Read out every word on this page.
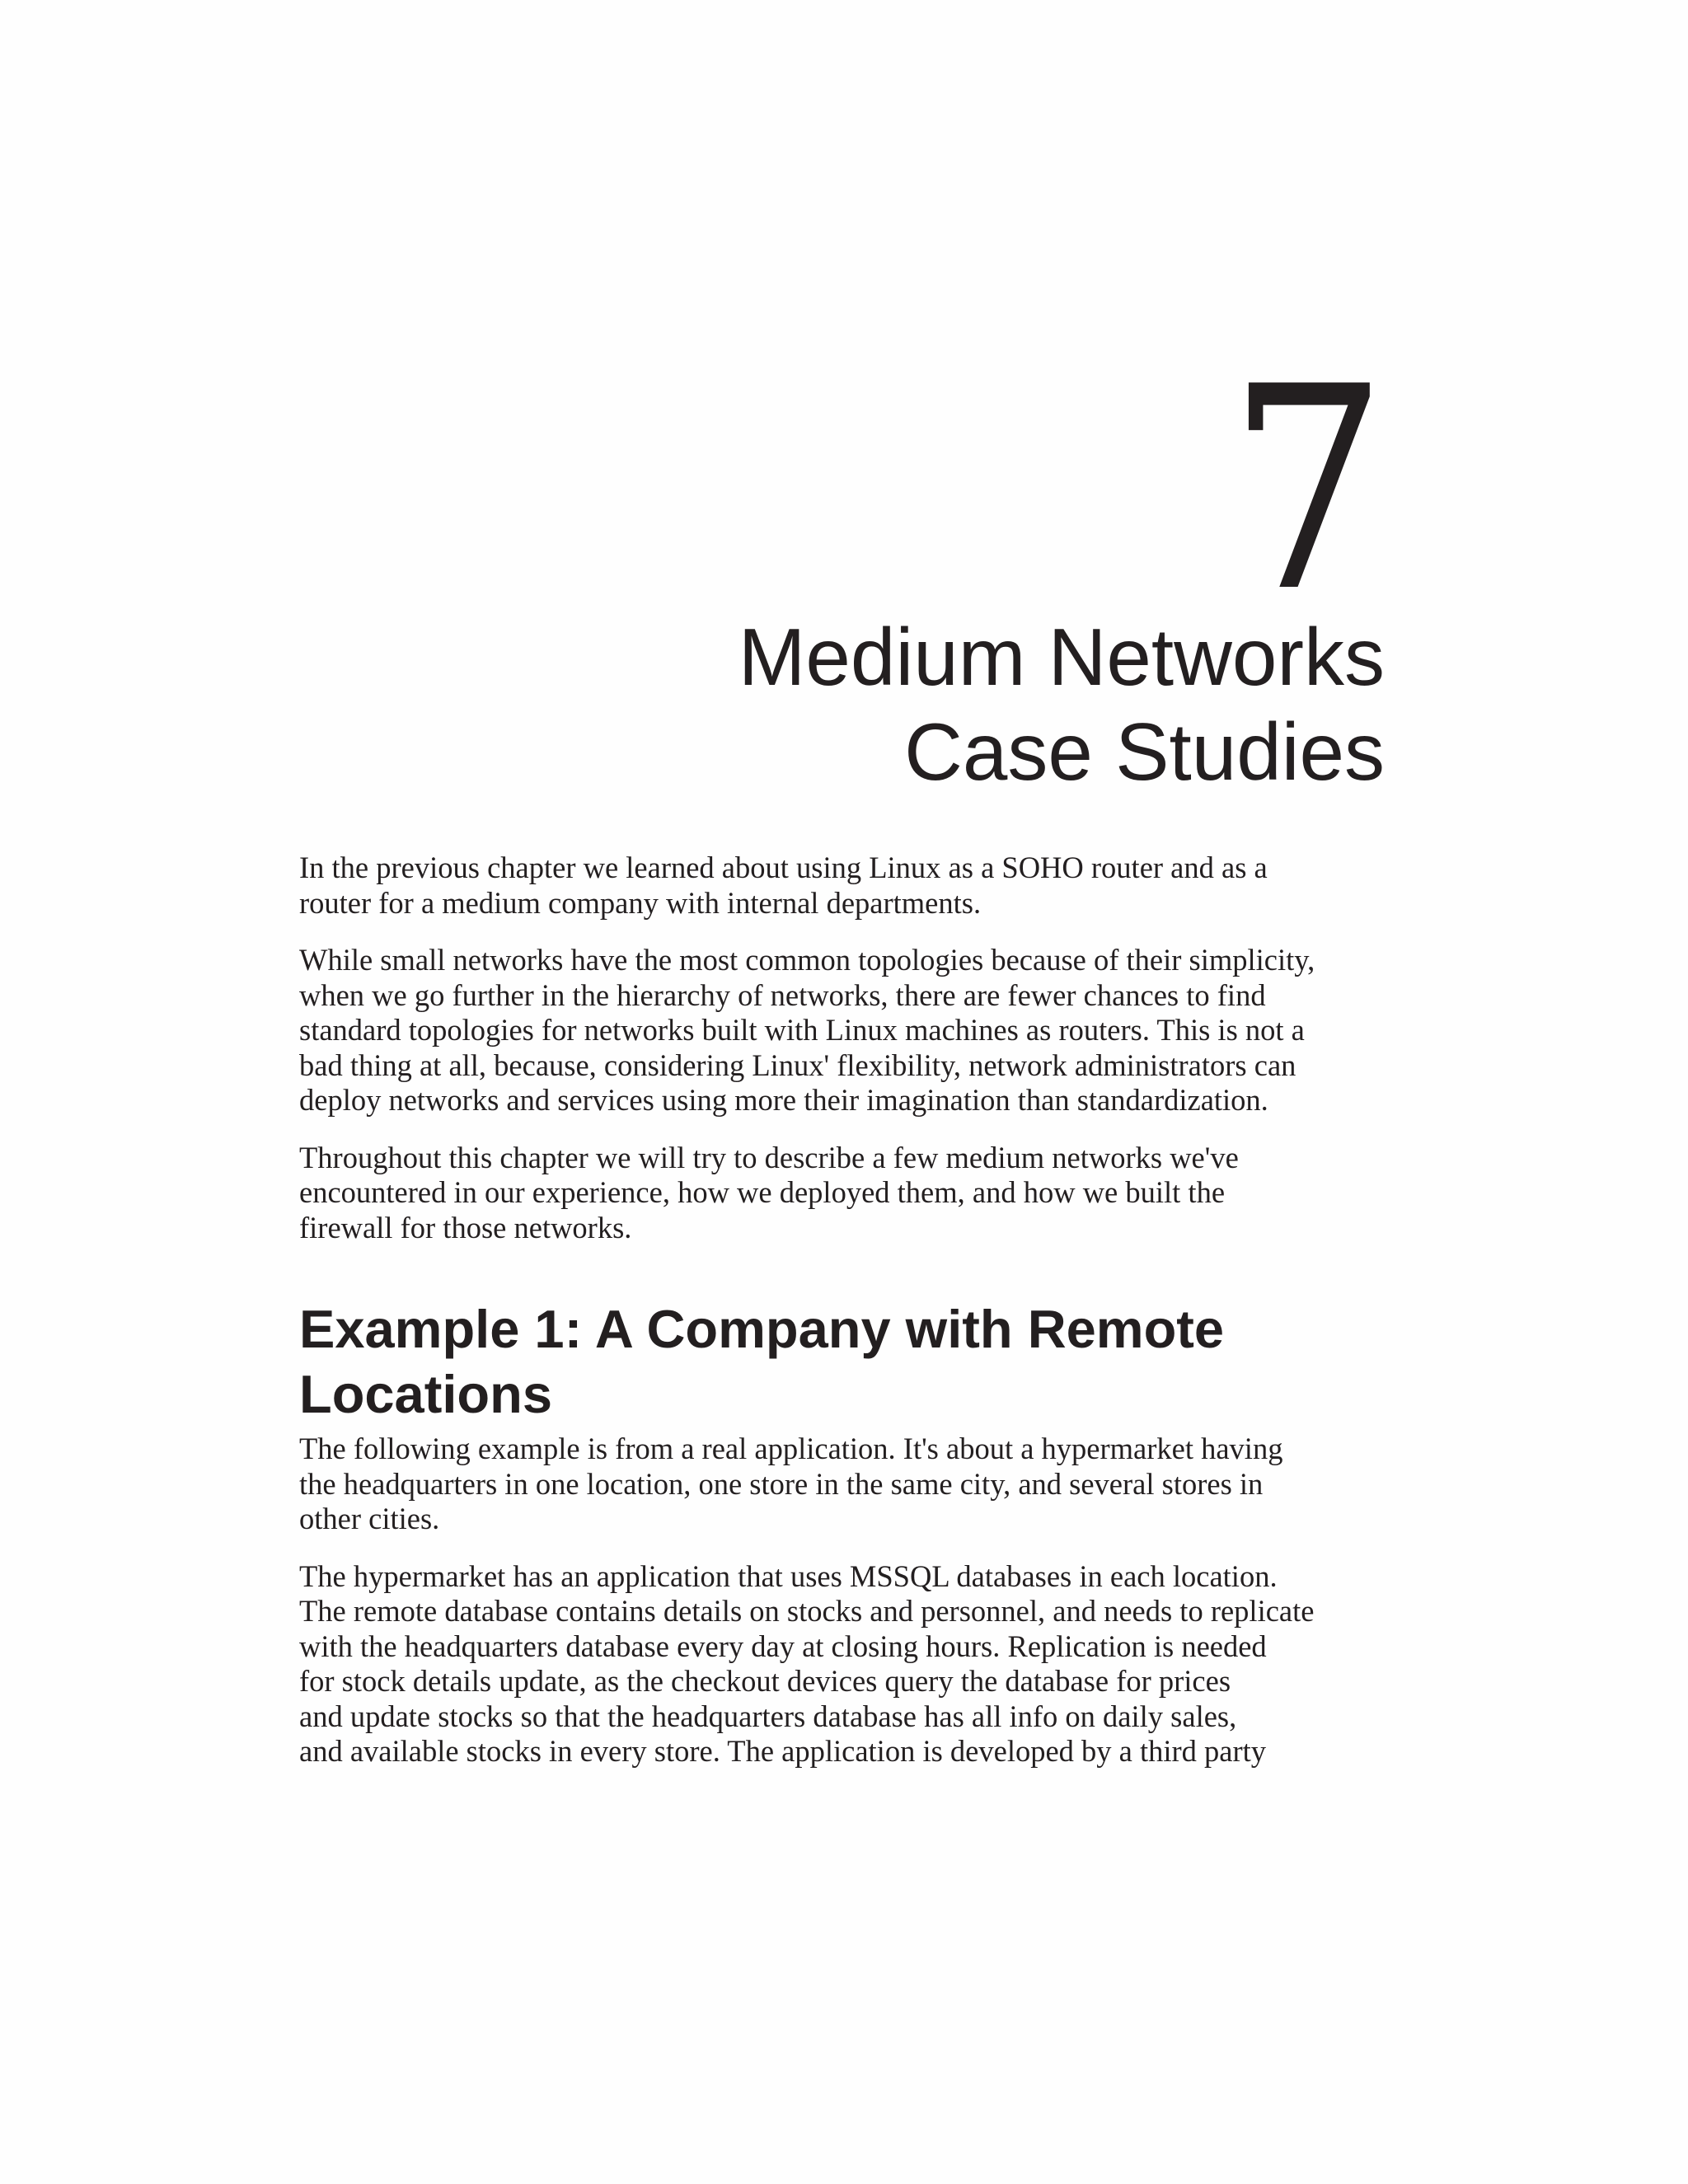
7
Medium Networks
Case Studies

In the previous chapter we learned about using Linux as a SOHO router and as a
router for a medium company with internal departments.

While small networks have the most common topologies because of their simplicity,
when we go further in the hierarchy of networks, there are fewer chances to find
standard topologies for networks built with Linux machines as routers. This is not a
bad thing at all, because, considering Linux' flexibility, network administrators can
deploy networks and services using more their imagination than standardization.

Throughout this chapter we will try to describe a few medium networks we've
encountered in our experience, how we deployed them, and how we built the
firewall for those networks.

Example 1: A Company with Remote
Locations

The following example is from a real application. It's about a hypermarket having
the headquarters in one location, one store in the same city, and several stores in
other cities.

The hypermarket has an application that uses MSSQL databases in each location.
The remote database contains details on stocks and personnel, and needs to replicate
with the headquarters database every day at closing hours. Replication is needed
for stock details update, as the checkout devices query the database for prices
and update stocks so that the headquarters database has all info on daily sales,
and available stocks in every store. The application is developed by a third party
